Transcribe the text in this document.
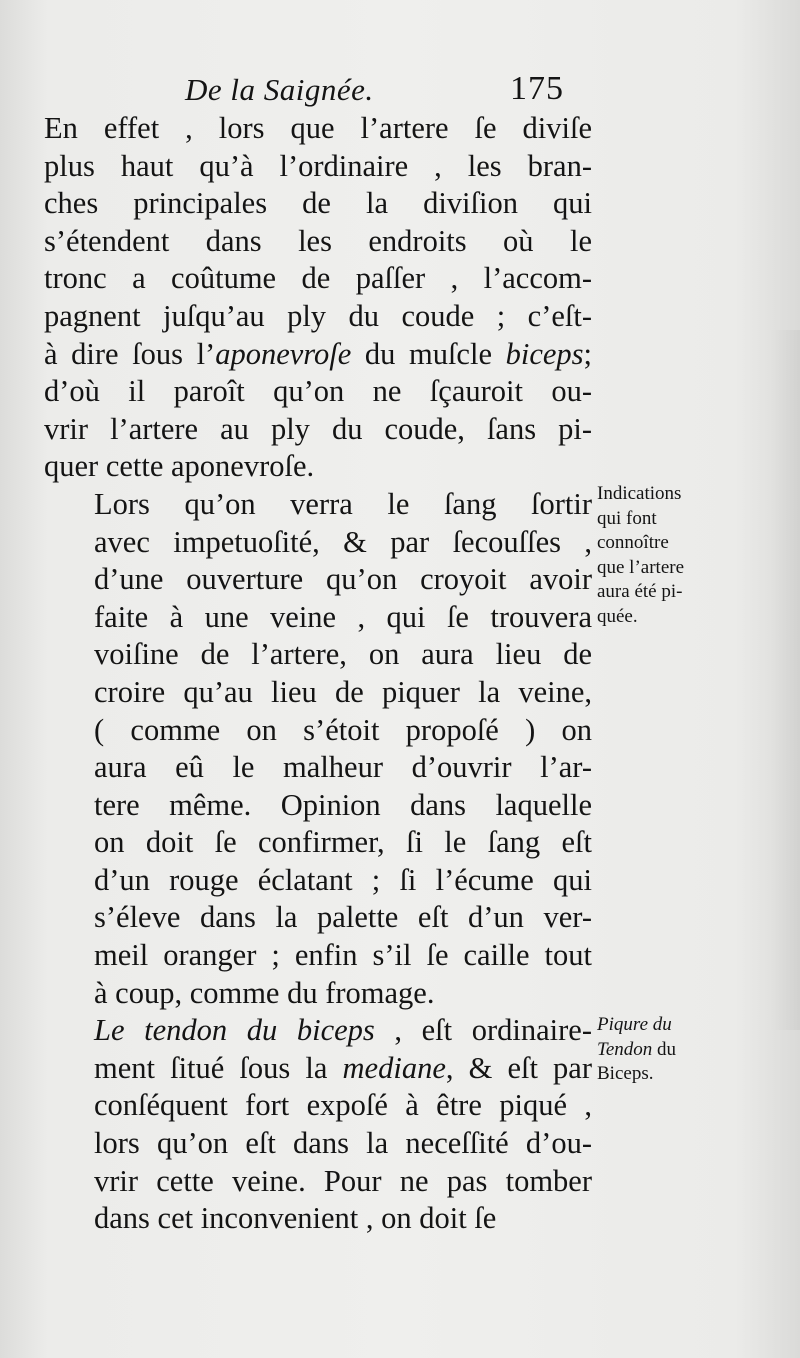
De la Saignée.	175

En effet , lors que l’artere ſe diviſe
plus haut qu’à l’ordinaire , les bran-
ches principales de la diviſion qui
s’étendent dans les endroits où le
tronc a coûtume de paſſer , l’accom-
pagnent juſqu’au ply du coude ; c’eſt-
à dire ſous l’aponevroſe du muſcle biceps;
d’où il paroît qu’on ne ſçauroit ou-
vrir l’artere au ply du coude, ſans pi-
quer cette aponevroſe.

Lors qu’on verra le ſang ſortir
avec impetuoſité, & par ſecouſſes ,
d’une ouverture qu’on croyoit avoir
faite à une veine , qui ſe trouvera
voiſine de l’artere, on aura lieu de
croire qu’au lieu de piquer la veine,
( comme on s’étoit propoſé ) on
aura eû le malheur d’ouvrir l’ar-
tere même. Opinion dans laquelle
on doit ſe confirmer, ſi le ſang eſt
d’un rouge éclatant ; ſi l’écume qui
s’éleve dans la palette eſt d’un ver-
meil oranger ; enfin s’il ſe caille tout
à coup, comme du fromage.

Le tendon du biceps , eſt ordinaire-
ment ſitué ſous la mediane, & eſt par
conſéquent fort expoſé à être piqué ,
lors qu’on eſt dans la neceſſité d’ou-
vrir cette veine. Pour ne pas tomber
dans cet inconvenient , on doit ſe

Indications
qui font
connoître
que l’artere
aura été pi-
quée.
Piqure du
Tendon du
Biceps.
